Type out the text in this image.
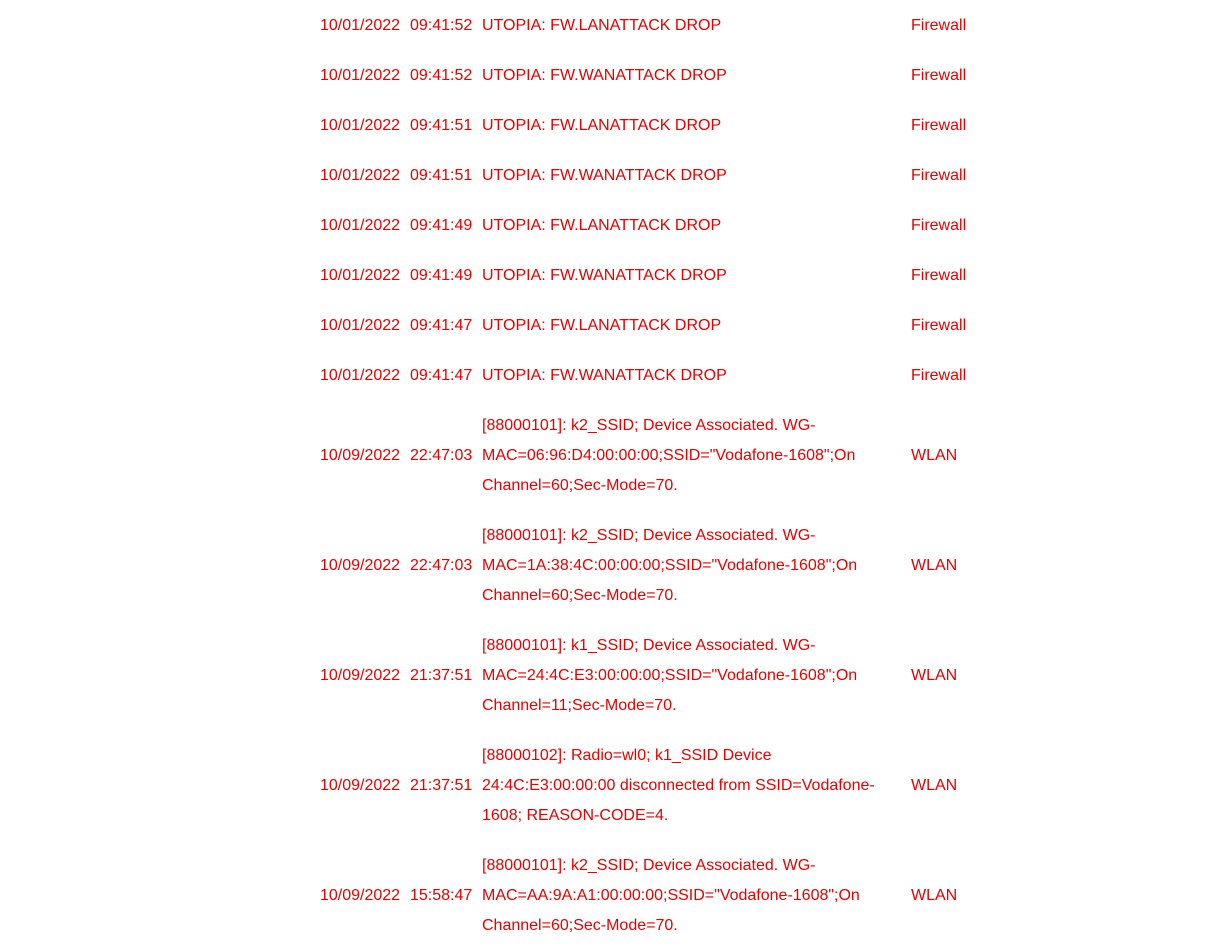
10/01/2022	09:41:52	UTOPIA: FW.LANATTACK DROP	Firewall
10/01/2022	09:41:52	UTOPIA: FW.WANATTACK DROP	Firewall
10/01/2022	09:41:51	UTOPIA: FW.LANATTACK DROP	Firewall
10/01/2022	09:41:51	UTOPIA: FW.WANATTACK DROP	Firewall
10/01/2022	09:41:49	UTOPIA: FW.LANATTACK DROP	Firewall
10/01/2022	09:41:49	UTOPIA: FW.WANATTACK DROP	Firewall
10/01/2022	09:41:47	UTOPIA: FW.LANATTACK DROP	Firewall
10/01/2022	09:41:47	UTOPIA: FW.WANATTACK DROP	Firewall
10/09/2022	22:47:03	[88000101]: k2_SSID; Device Associated. WG-
MAC=06:96:D4:00:00:00;SSID="Vodafone-1608";On
Channel=60;Sec-Mode=70.	WLAN
10/09/2022	22:47:03	[88000101]: k2_SSID; Device Associated. WG-
MAC=1A:38:4C:00:00:00;SSID="Vodafone-1608";On
Channel=60;Sec-Mode=70.	WLAN
10/09/2022	21:37:51	[88000101]: k1_SSID; Device Associated. WG-
MAC=24:4C:E3:00:00:00;SSID="Vodafone-1608";On
Channel=11;Sec-Mode=70.	WLAN
10/09/2022	21:37:51	[88000102]: Radio=wl0; k1_SSID Device
24:4C:E3:00:00:00 disconnected from SSID=Vodafone-
1608; REASON-CODE=4.	WLAN
10/09/2022	15:58:47	[88000101]: k2_SSID; Device Associated. WG-
MAC=AA:9A:A1:00:00:00;SSID="Vodafone-1608";On
Channel=60;Sec-Mode=70.	WLAN
